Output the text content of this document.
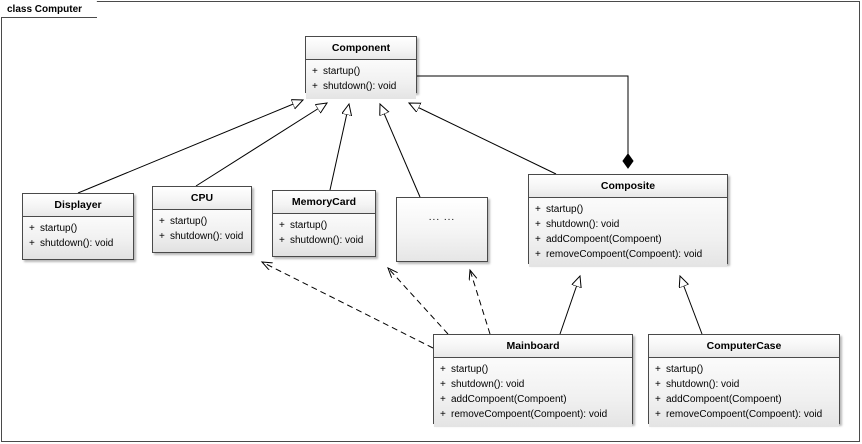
class Computer
Component
+ startup()
+ shutdown(): void
Displayer
+ startup()
+ shutdown(): void
CPU
+ startup()
+ shutdown(): void
MemoryCard
+ startup()
+ shutdown(): void
... ...
Composite
+ startup()
+ shutdown(): void
+ addCompoent(Compoent)
+ removeCompoent(Compoent): void
Mainboard
+ startup()
+ shutdown(): void
+ addCompoent(Compoent)
+ removeCompoent(Compoent): void
ComputerCase
+ startup()
+ shutdown(): void
+ addCompoent(Compoent)
+ removeCompoent(Compoent): void
